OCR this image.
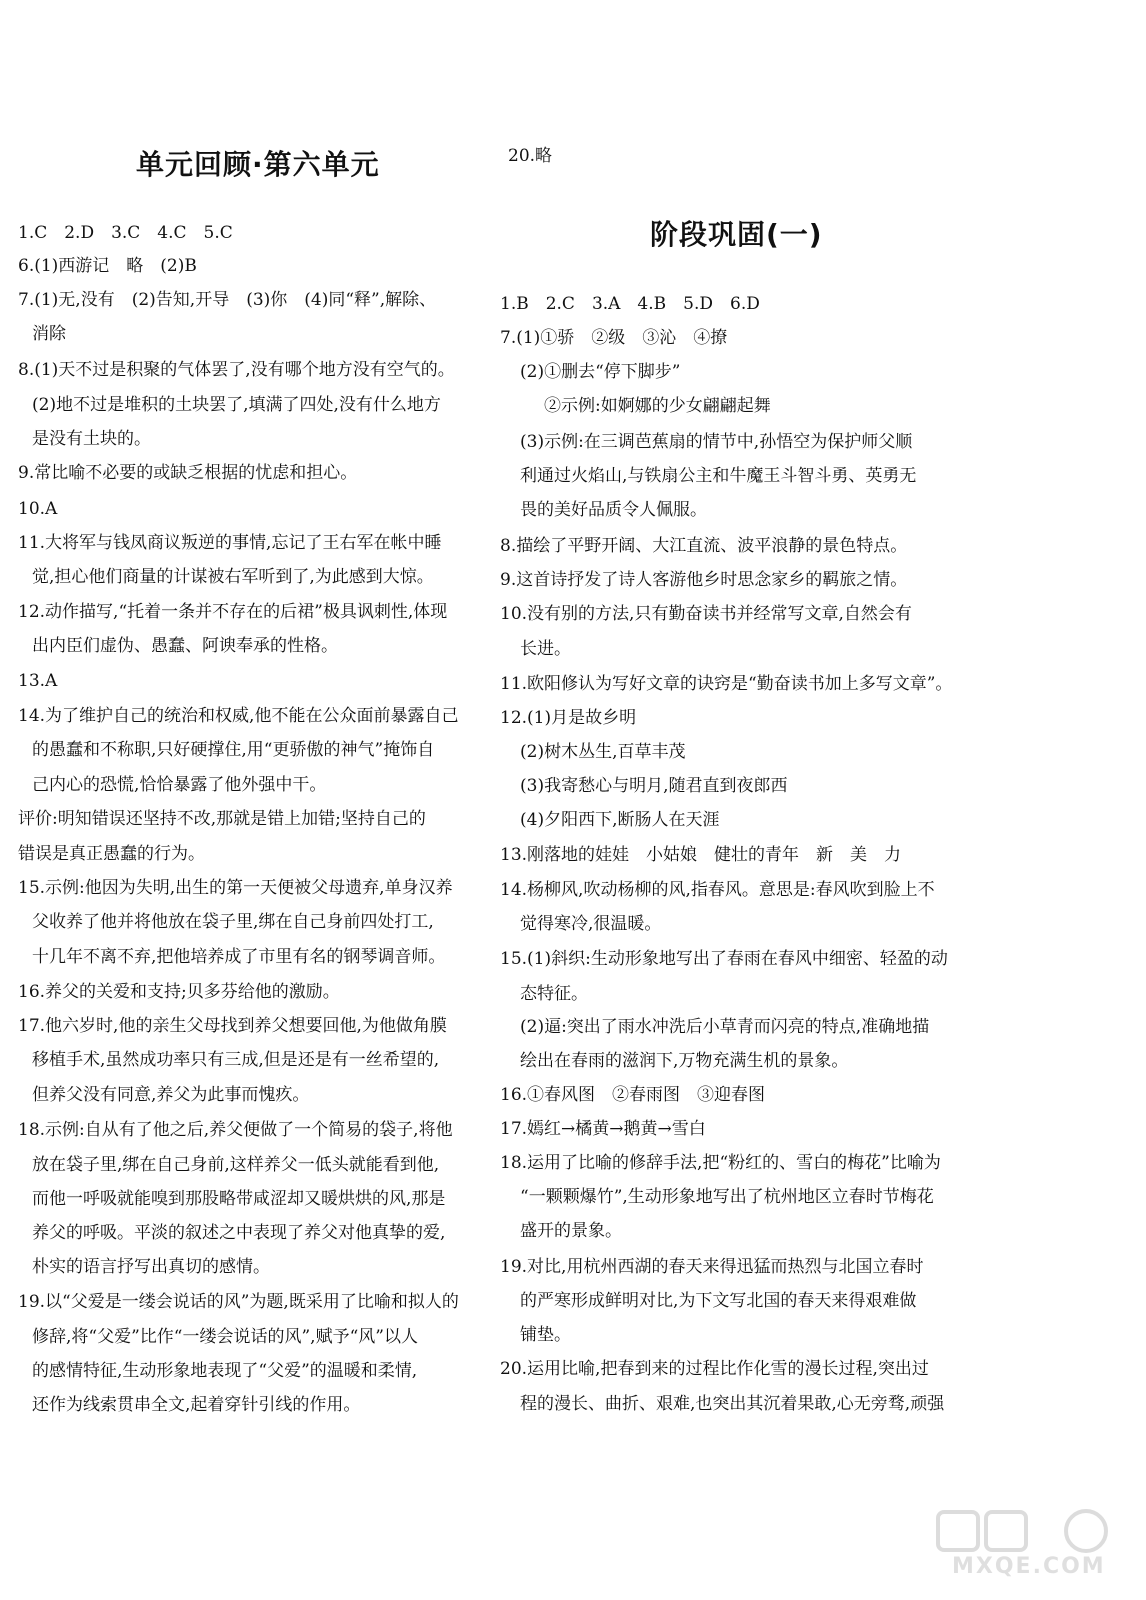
单元回顾·第六单元
1.C　2.D　3.C　4.C　5.C
6.(1)西游记　略　(2)B
7.(1)无,没有　(2)告知,开导　(3)你　(4)同“释”,解除、
消除
8.(1)天不过是积聚的气体罢了,没有哪个地方没有空气的。
(2)地不过是堆积的土块罢了,填满了四处,没有什么地方
是没有土块的。
9.常比喻不必要的或缺乏根据的忧虑和担心。
10.A
11.大将军与钱凤商议叛逆的事情,忘记了王右军在帐中睡
觉,担心他们商量的计谋被右军听到了,为此感到大惊。
12.动作描写,“托着一条并不存在的后裙”极具讽刺性,体现
出内臣们虚伪、愚蠢、阿谀奉承的性格。
13.A
14.为了维护自己的统治和权威,他不能在公众面前暴露自己
的愚蠢和不称职,只好硬撑住,用“更骄傲的神气”掩饰自
己内心的恐慌,恰恰暴露了他外强中干。
评价:明知错误还坚持不改,那就是错上加错;坚持自己的
错误是真正愚蠢的行为。
15.示例:他因为失明,出生的第一天便被父母遗弃,单身汉养
父收养了他并将他放在袋子里,绑在自己身前四处打工,
十几年不离不弃,把他培养成了市里有名的钢琴调音师。
16.养父的关爱和支持;贝多芬给他的激励。
17.他六岁时,他的亲生父母找到养父想要回他,为他做角膜
移植手术,虽然成功率只有三成,但是还是有一丝希望的,
但养父没有同意,养父为此事而愧疚。
18.示例:自从有了他之后,养父便做了一个简易的袋子,将他
放在袋子里,绑在自己身前,这样养父一低头就能看到他,
而他一呼吸就能嗅到那股略带咸涩却又暖烘烘的风,那是
养父的呼吸。平淡的叙述之中表现了养父对他真挚的爱,
朴实的语言抒写出真切的感情。
19.以“父爱是一缕会说话的风”为题,既采用了比喻和拟人的
修辞,将“父爱”比作“一缕会说话的风”,赋予“风”以人
的感情特征,生动形象地表现了“父爱”的温暖和柔情,
还作为线索贯串全文,起着穿针引线的作用。
20.略
阶段巩固(一)
1.B　2.C　3.A　4.B　5.D　6.D
7.(1)①骄　②级　③沁　④撩
(2)①删去“停下脚步”
②示例:如婀娜的少女翩翩起舞
(3)示例:在三调芭蕉扇的情节中,孙悟空为保护师父顺
利通过火焰山,与铁扇公主和牛魔王斗智斗勇、英勇无
畏的美好品质令人佩服。
8.描绘了平野开阔、大江直流、波平浪静的景色特点。
9.这首诗抒发了诗人客游他乡时思念家乡的羁旅之情。
10.没有别的方法,只有勤奋读书并经常写文章,自然会有
长进。
11.欧阳修认为写好文章的诀窍是“勤奋读书加上多写文章”。
12.(1)月是故乡明
(2)树木丛生,百草丰茂
(3)我寄愁心与明月,随君直到夜郎西
(4)夕阳西下,断肠人在天涯
13.刚落地的娃娃　小姑娘　健壮的青年　新　美　力
14.杨柳风,吹动杨柳的风,指春风。意思是:春风吹到脸上不
觉得寒冷,很温暖。
15.(1)斜织:生动形象地写出了春雨在春风中细密、轻盈的动
态特征。
(2)逼:突出了雨水冲洗后小草青而闪亮的特点,准确地描
绘出在春雨的滋润下,万物充满生机的景象。
16.①春风图　②春雨图　③迎春图
17.嫣红→橘黄→鹅黄→雪白
18.运用了比喻的修辞手法,把“粉红的、雪白的梅花”比喻为
“一颗颗爆竹”,生动形象地写出了杭州地区立春时节梅花
盛开的景象。
19.对比,用杭州西湖的春天来得迅猛而热烈与北国立春时
的严寒形成鲜明对比,为下文写北国的春天来得艰难做
铺垫。
20.运用比喻,把春到来的过程比作化雪的漫长过程,突出过
程的漫长、曲折、艰难,也突出其沉着果敢,心无旁骛,顽强
MXQE.COM
